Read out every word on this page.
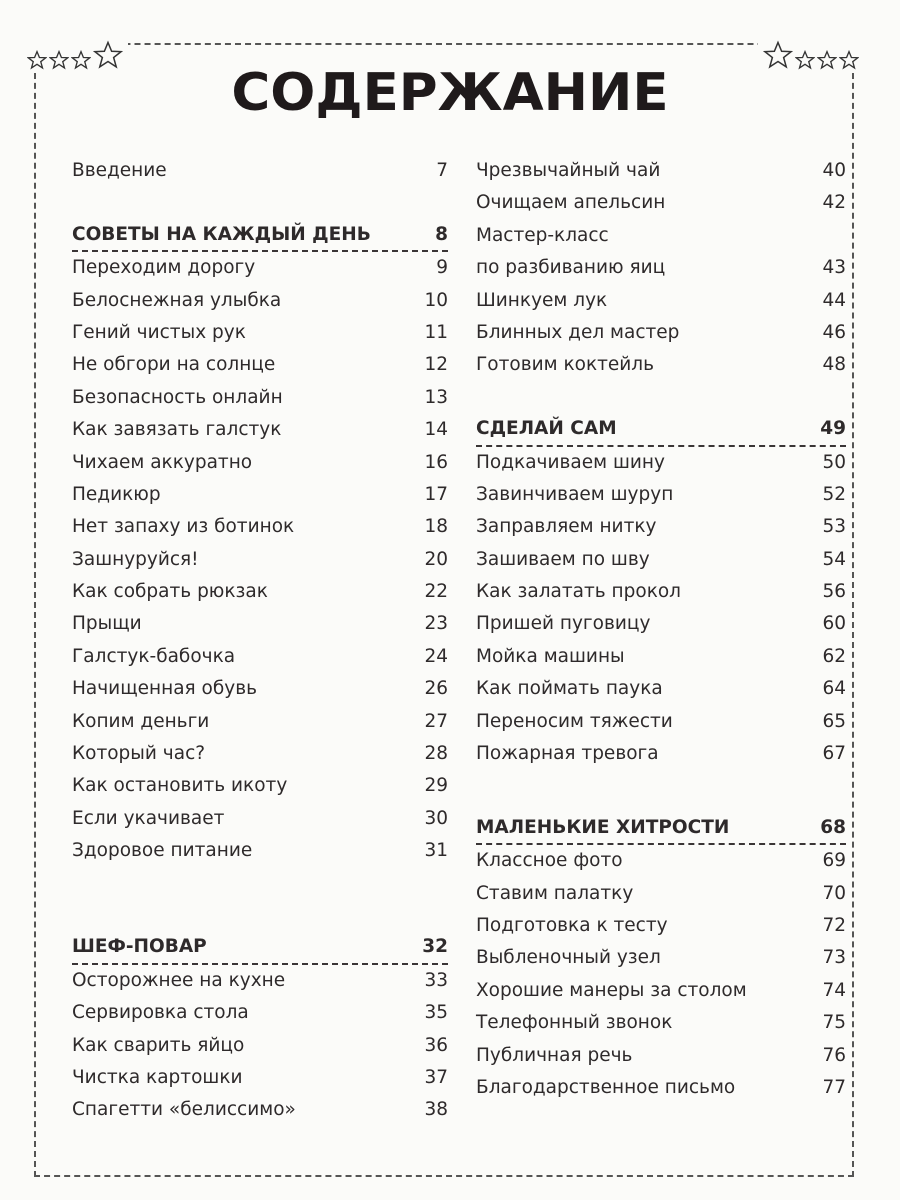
СОДЕРЖАНИЕ
Введение	7
СОВЕТЫ НА КАЖДЫЙ ДЕНЬ	8
Переходим дорогу	9
Белоснежная улыбка	10
Гений чистых рук	11
Не обгори на солнце	12
Безопасность онлайн	13
Как завязать галстук	14
Чихаем аккуратно	16
Педикюр	17
Нет запаху из ботинок	18
Зашнуруйся!	20
Как собрать рюкзак	22
Прыщи	23
Галстук-бабочка	24
Начищенная обувь	26
Копим деньги	27
Который час?	28
Как остановить икоту	29
Если укачивает	30
Здоровое питание	31
ШЕФ-ПОВАР	32
Осторожнее на кухне	33
Сервировка стола	35
Как сварить яйцо	36
Чистка картошки	37
Спагетти «белиссимо»	38
Чрезвычайный чай	40
Очищаем апельсин	42
Мастер-класс
по разбиванию яиц	43
Шинкуем лук	44
Блинных дел мастер	46
Готовим коктейль	48
СДЕЛАЙ САМ	49
Подкачиваем шину	50
Завинчиваем шуруп	52
Заправляем нитку	53
Зашиваем по шву	54
Как залатать прокол	56
Пришей пуговицу	60
Мойка машины	62
Как поймать паука	64
Переносим тяжести	65
Пожарная тревога	67
МАЛЕНЬКИЕ ХИТРОСТИ	68
Классное фото	69
Ставим палатку	70
Подготовка к тесту	72
Выбленочный узел	73
Хорошие манеры за столом	74
Телефонный звонок	75
Публичная речь	76
Благодарственное письмо	77
